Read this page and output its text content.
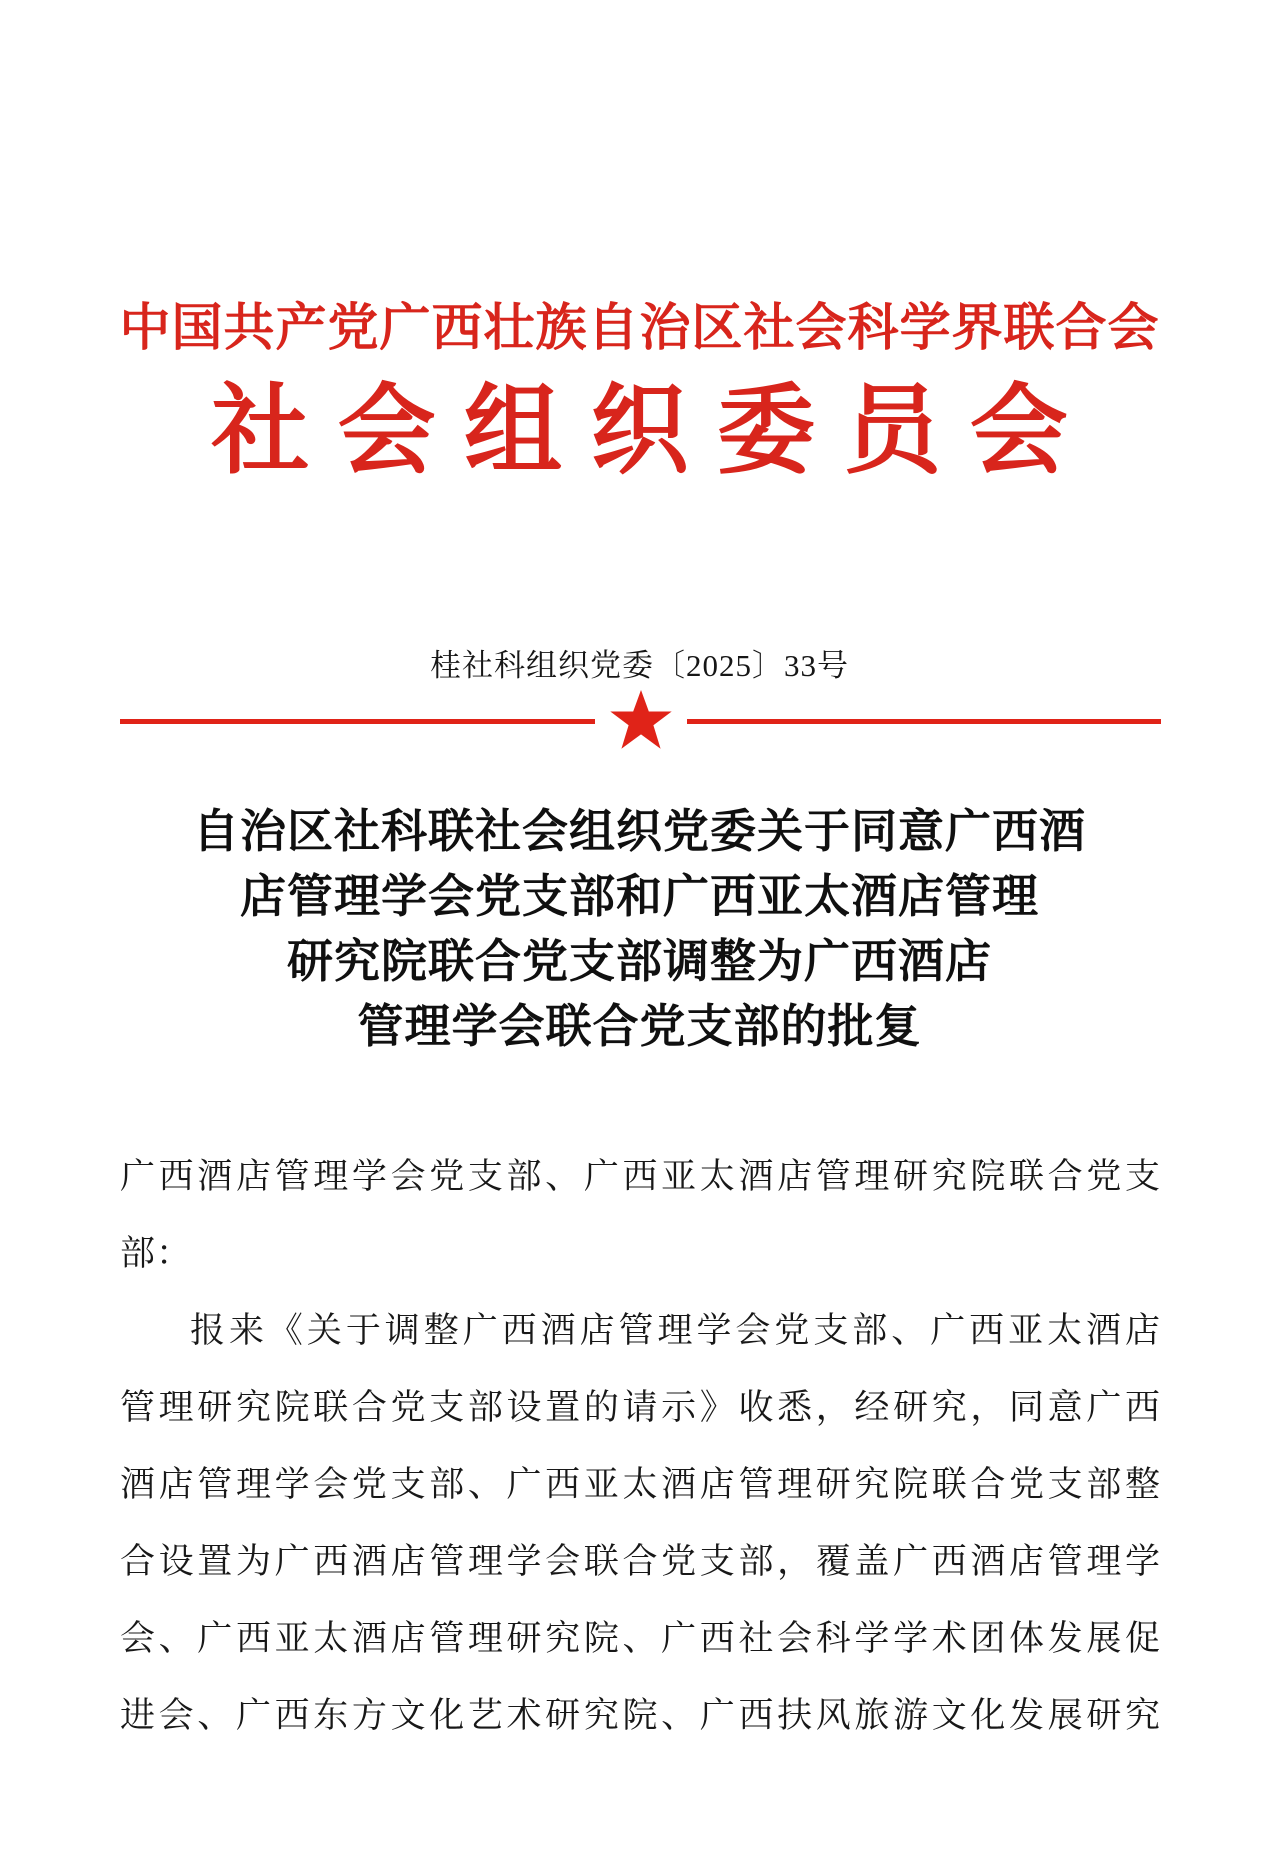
中国共产党广西壮族自治区社会科学界联合会
社会组织委员会
桂社科组织党委〔2025〕33号
自治区社科联社会组织党委关于同意广西酒
店管理学会党支部和广西亚太酒店管理
研究院联合党支部调整为广西酒店
管理学会联合党支部的批复
广西酒店管理学会党支部、广西亚太酒店管理研究院联合党支
部：
报来《关于调整广西酒店管理学会党支部、广西亚太酒店
管理研究院联合党支部设置的请示》收悉，经研究，同意广西
酒店管理学会党支部、广西亚太酒店管理研究院联合党支部整
合设置为广西酒店管理学会联合党支部，覆盖广西酒店管理学
会、广西亚太酒店管理研究院、广西社会科学学术团体发展促
进会、广西东方文化艺术研究院、广西扶风旅游文化发展研究
